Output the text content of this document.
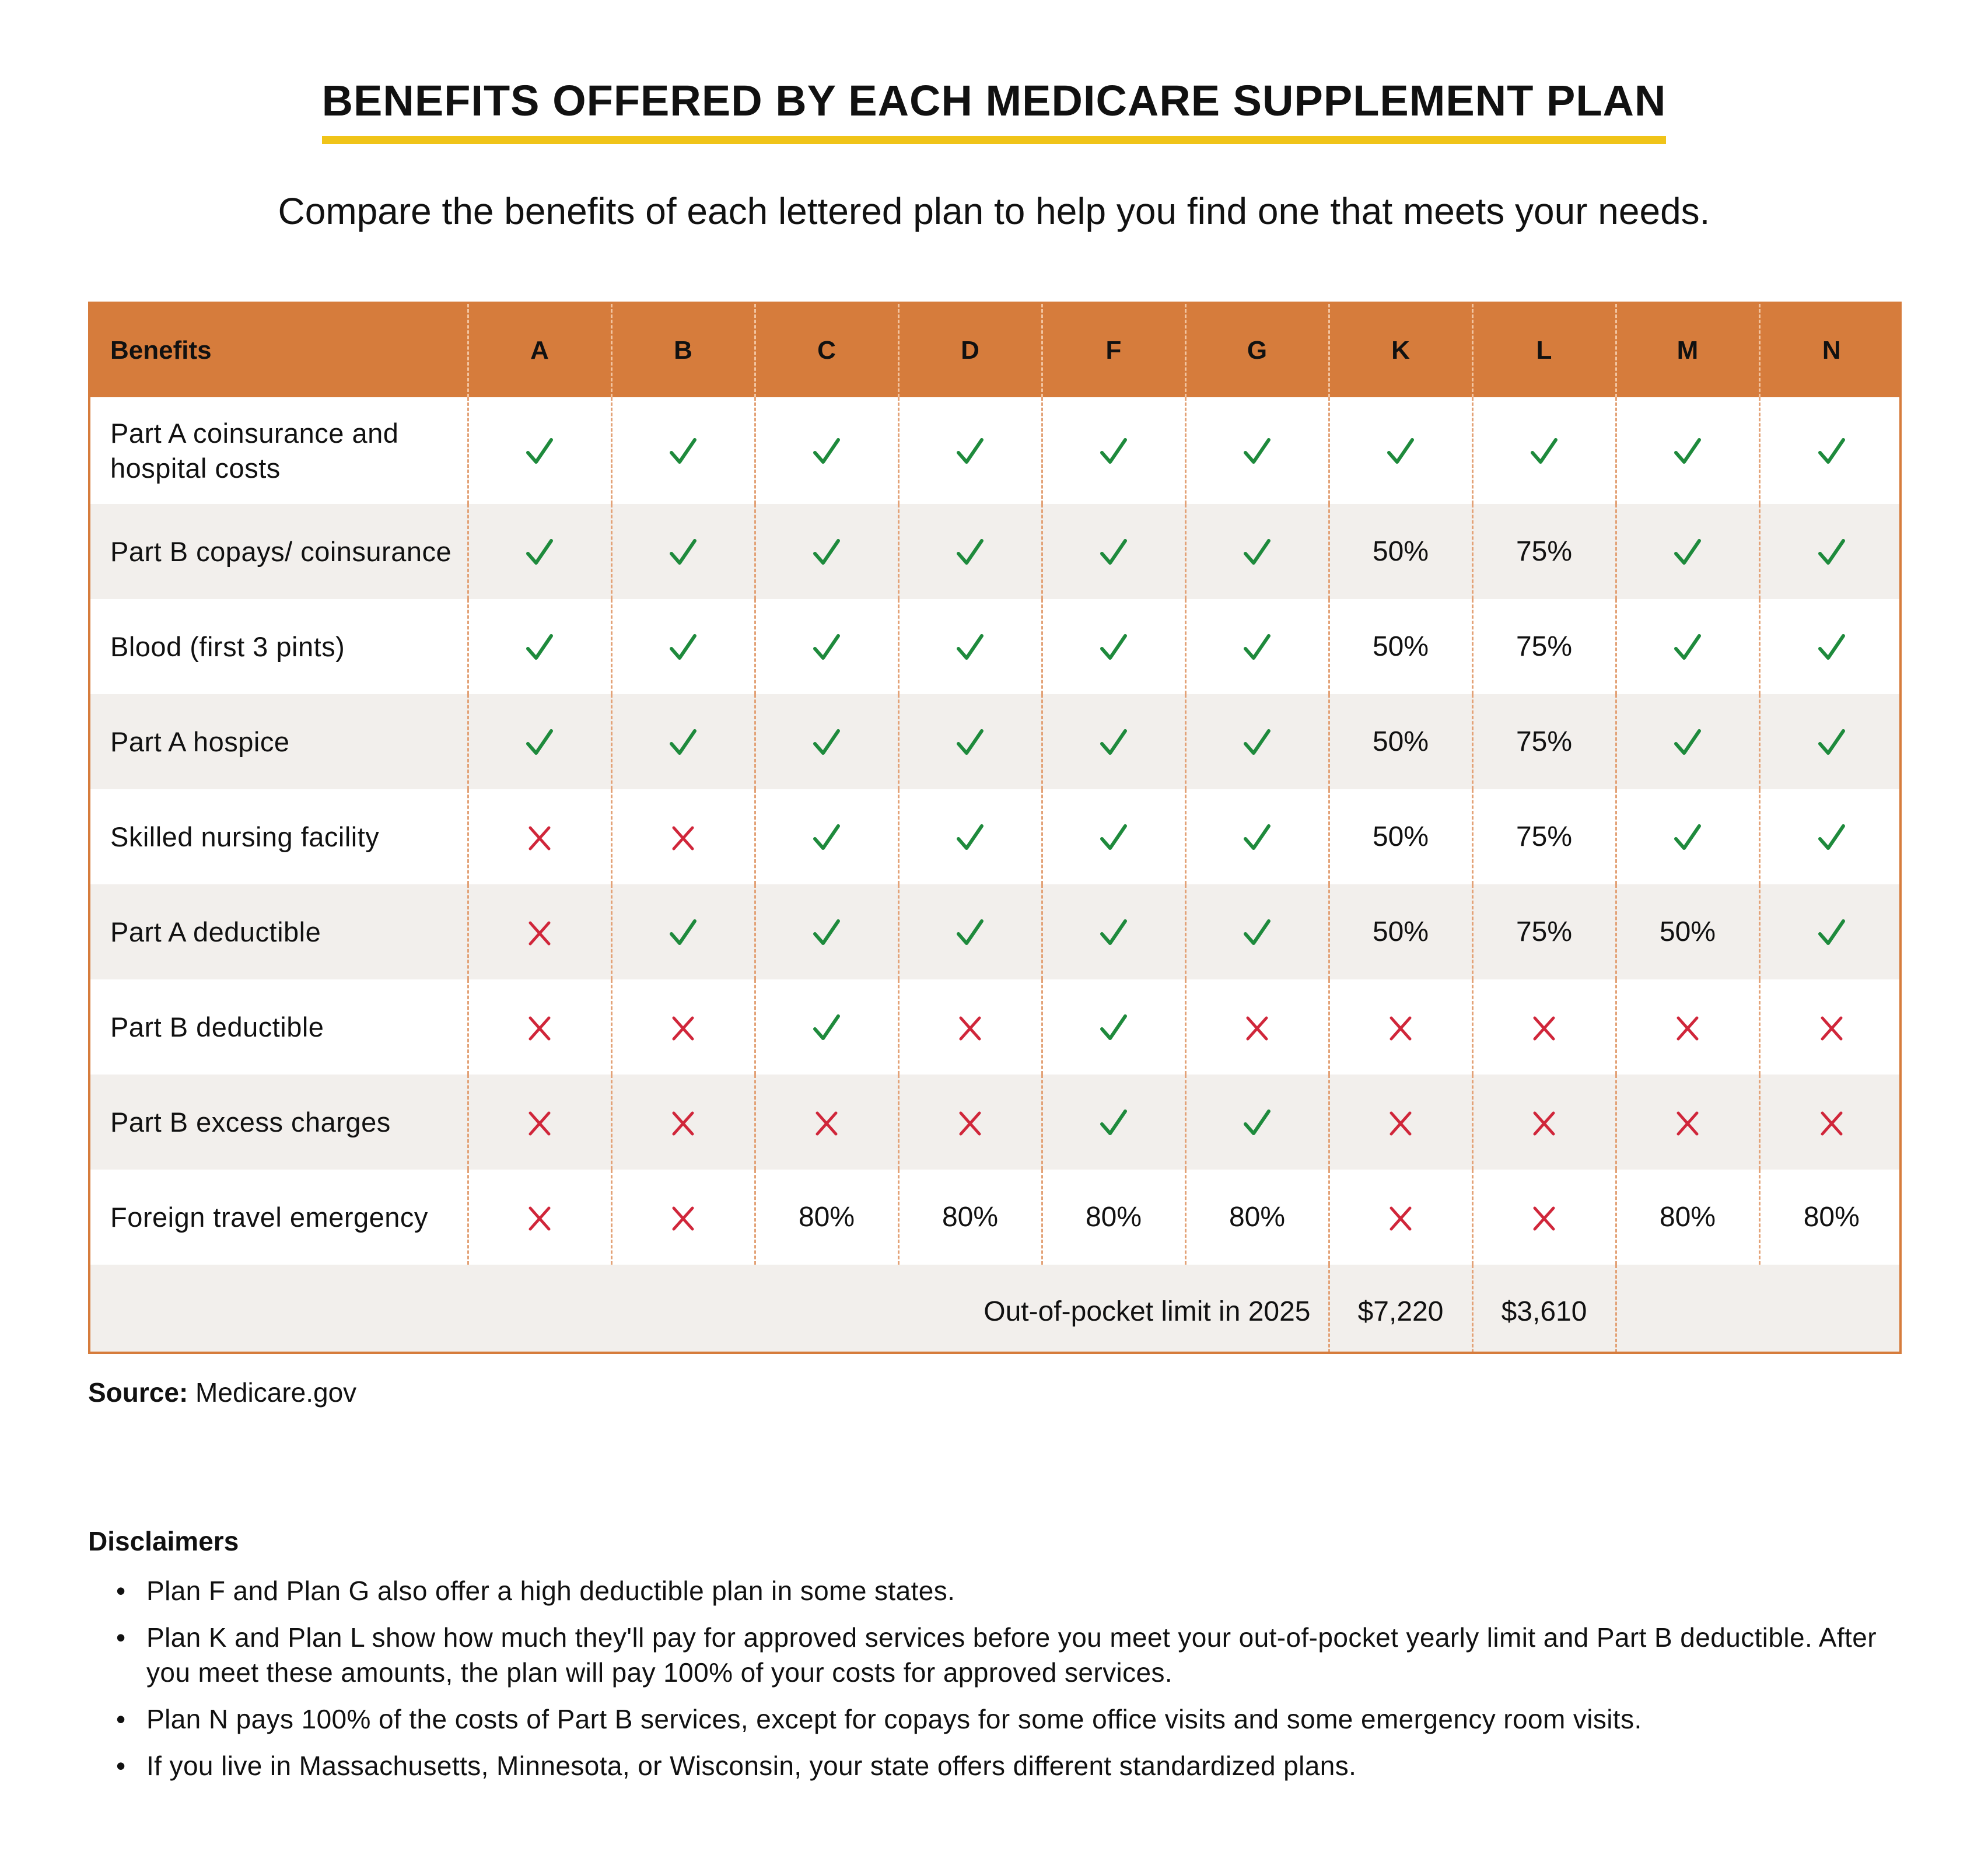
BENEFITS OFFERED BY EACH MEDICARE SUPPLEMENT PLAN
Compare the benefits of each lettered plan to help you find one that meets your needs.
Benefits	A	B	C	D	F	G	K	L	M	N
Part A coinsurance and hospital costs										
Part B copays/ coinsurance							50%	75%		
Blood (first 3 pints)							50%	75%		
Part A hospice							50%	75%		
Skilled nursing facility							50%	75%		
Part A deductible							50%	75%	50%	
Part B deductible										
Part B excess charges										
Foreign travel emergency			80%	80%	80%	80%			80%	80%
Out-of-pocket limit in 2025							$7,220	$3,610		
Source: Medicare.gov
Disclaimers
• Plan F and Plan G also offer a high deductible plan in some states.
• Plan K and Plan L show how much they'll pay for approved services before you meet your out-of-pocket yearly limit and Part B deductible. After you meet these amounts, the plan will pay 100% of your costs for approved services.
• Plan N pays 100% of the costs of Part B services, except for copays for some office visits and some emergency room visits.
• If you live in Massachusetts, Minnesota, or Wisconsin, your state offers different standardized plans.
